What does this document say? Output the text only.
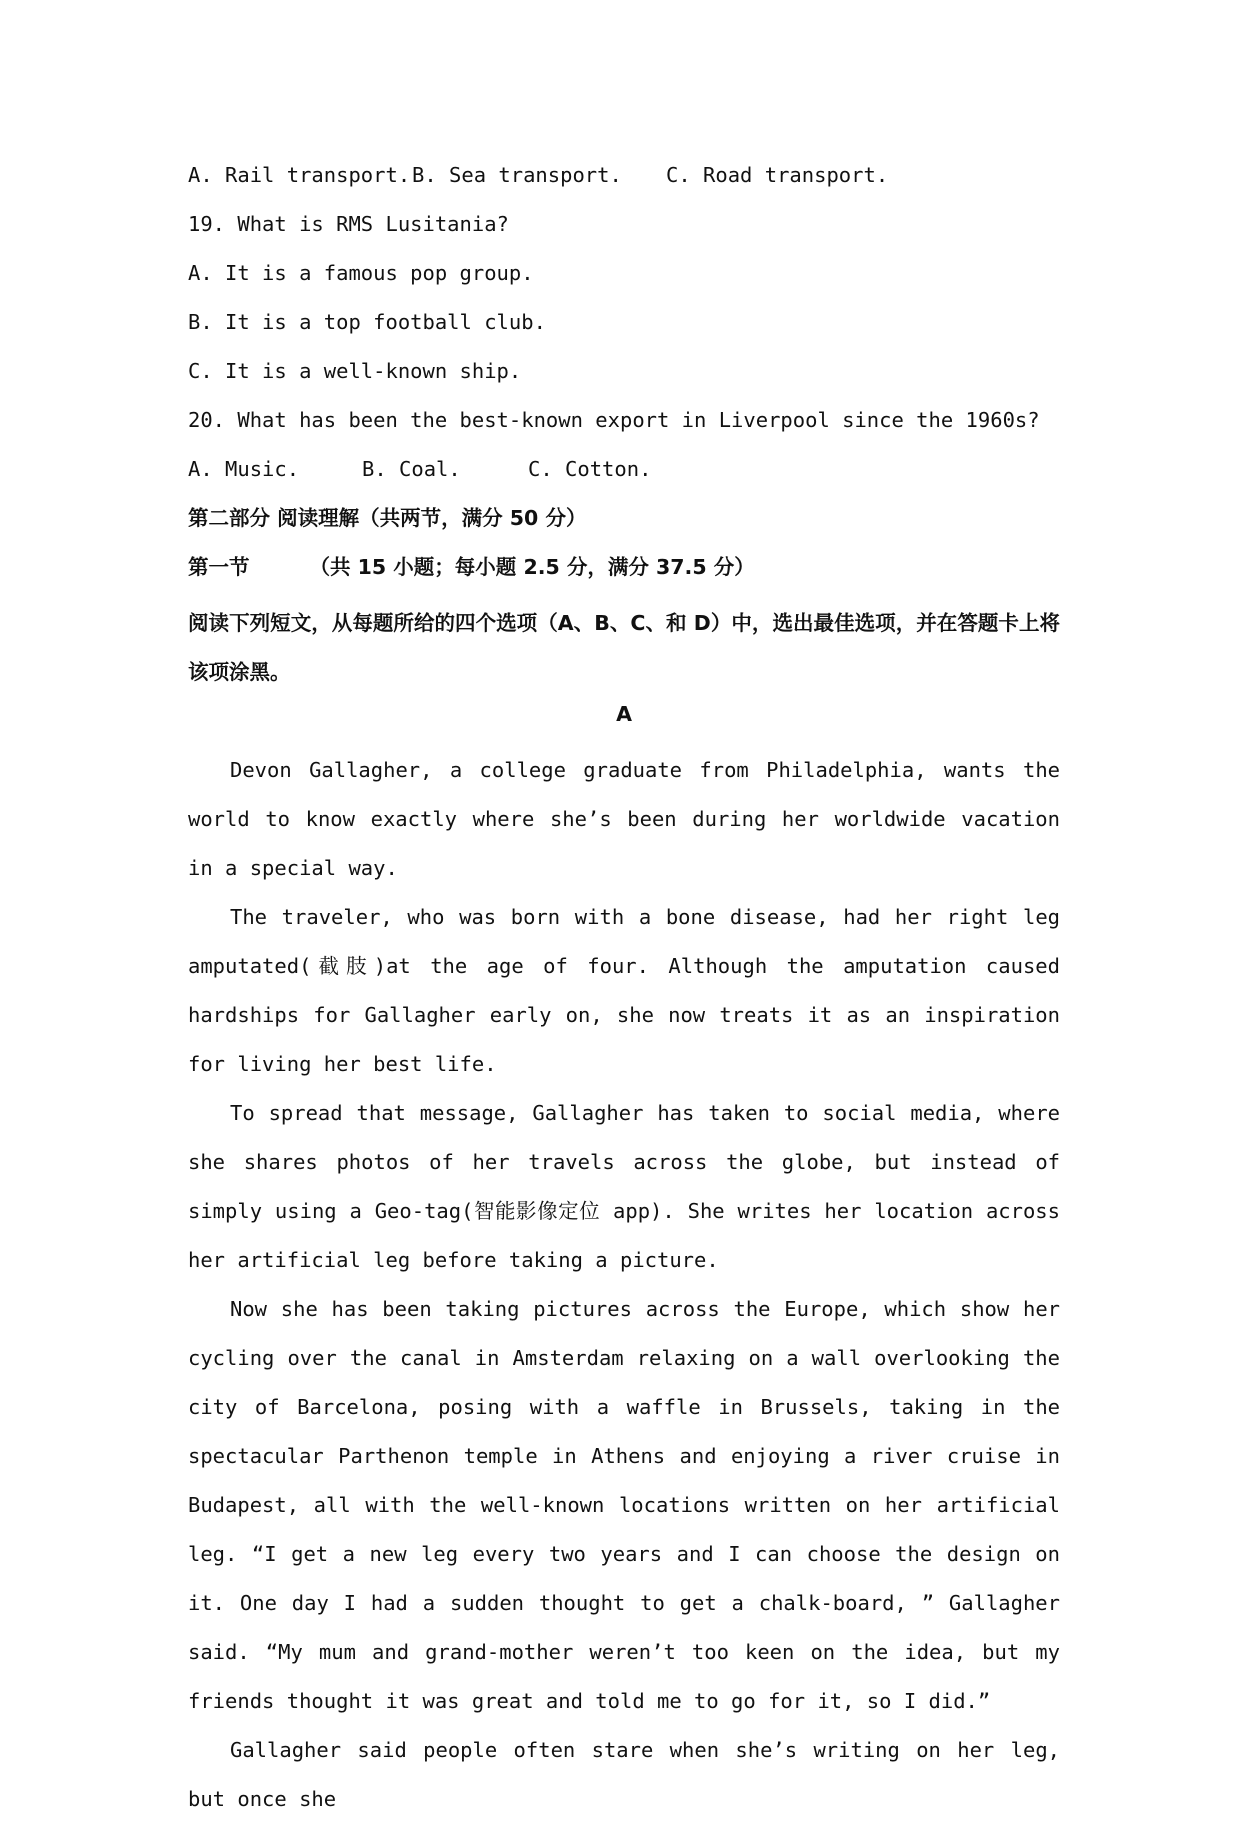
A. Rail transport.B. Sea transport. C. Road transport.
19. What is RMS Lusitania?
A. It is a famous pop group.
B. It is a top football club.
C. It is a well-known ship.
20. What has been the best-known export in Liverpool since the 1960s?
A. Music.	B. Coal.	C. Cotton.
第二部分 阅读理解（共两节，满分 50 分）
第一节	（共 15 小题；每小题 2.5 分，满分 37.5 分）

阅读下列短文，从每题所给的四个选项（A、B、C、和 D）中，选出最佳选项，并在答题卡上将该项涂黑。

A

Devon Gallagher, a college graduate from Philadelphia, wants the world to know exactly where she’s been during her worldwide vacation in a special way.

The traveler, who was born with a bone disease, had her right leg amputated(截肢)at the age of four. Although the amputation caused hardships for Gallagher early on, she now treats it as an inspiration for living her best life.

To spread that message, Gallagher has taken to social media, where she shares photos of her travels across the globe, but instead of simply using a Geo-tag(智能影像定位 app). She writes her location across her artificial leg before taking a picture.

Now she has been taking pictures across the Europe, which show her cycling over the canal in Amsterdam relaxing on a wall overlooking the city of Barcelona, posing with a waffle in Brussels, taking in the spectacular Parthenon temple in Athens and enjoying a river cruise in Budapest, all with the well-known locations written on her artificial leg. “I get a new leg every two years and I can choose the design on it. One day I had a sudden thought to get a chalk-board, ” Gallagher said. “My mum and grand-mother weren’t too keen on the idea, but my friends thought it was great and told me to go for it, so I did.”

Gallagher said people often stare when she’s writing on her leg, but once she
